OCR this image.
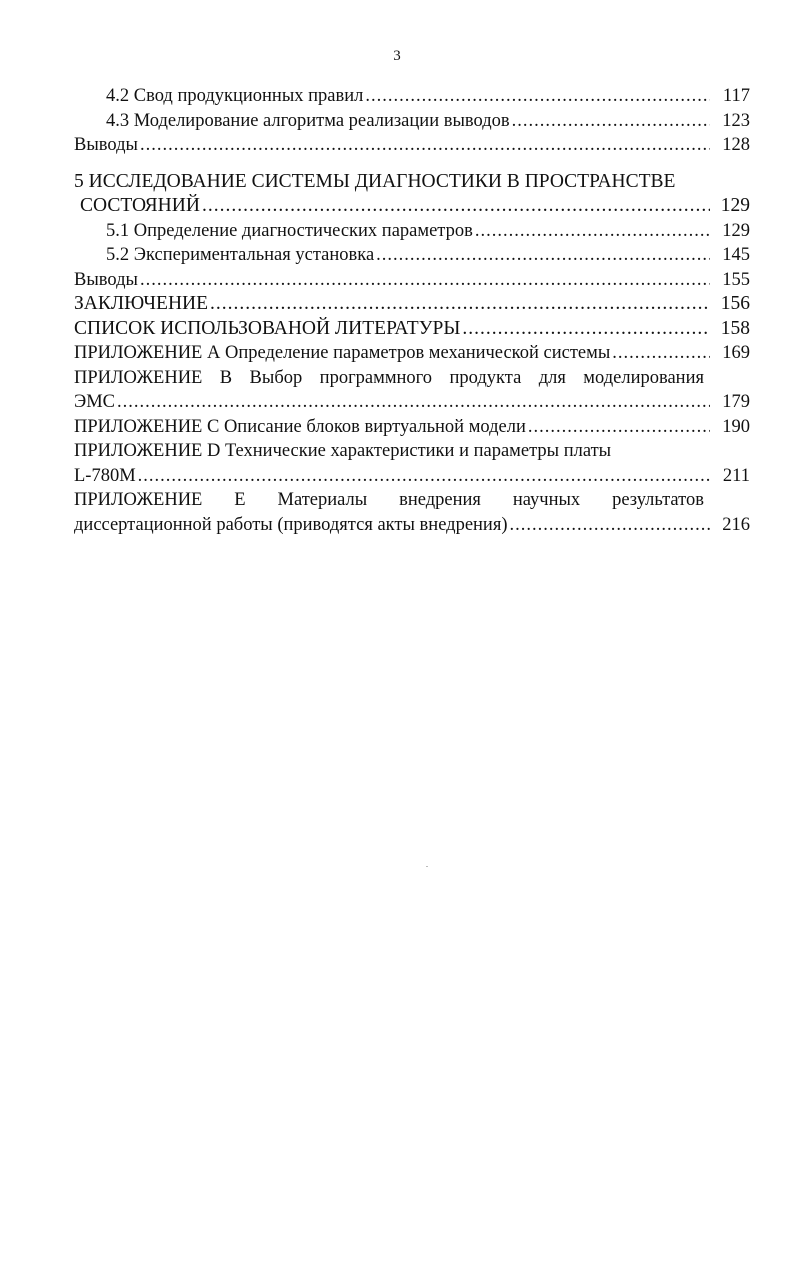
3
4.2 Свод продукционных правил .....	117
4.3 Моделирование алгоритма реализации выводов .....	123
Выводы .....	128
5 ИССЛЕДОВАНИЕ СИСТЕМЫ ДИАГНОСТИКИ В ПРОСТРАНСТВЕ
СОСТОЯНИЙ .....	129
5.1 Определение диагностических параметров .....	129
5.2 Экспериментальная установка .....	145
Выводы .....	155
ЗАКЛЮЧЕНИЕ .....	156
СПИСОК ИСПОЛЬЗОВАНОЙ ЛИТЕРАТУРЫ .....	158
ПРИЛОЖЕНИЕ А Определение параметров механической системы .....	169
ПРИЛОЖЕНИЕ В Выбор программного продукта для моделирования
ЭМС .....	179
ПРИЛОЖЕНИЕ С Описание блоков виртуальной модели .....	190
ПРИЛОЖЕНИЕ D Технические характеристики и параметры платы
L-780M .....	211
ПРИЛОЖЕНИЕ Е Материалы внедрения научных результатов
диссертационной работы (приводятся акты внедрения) .....	216
